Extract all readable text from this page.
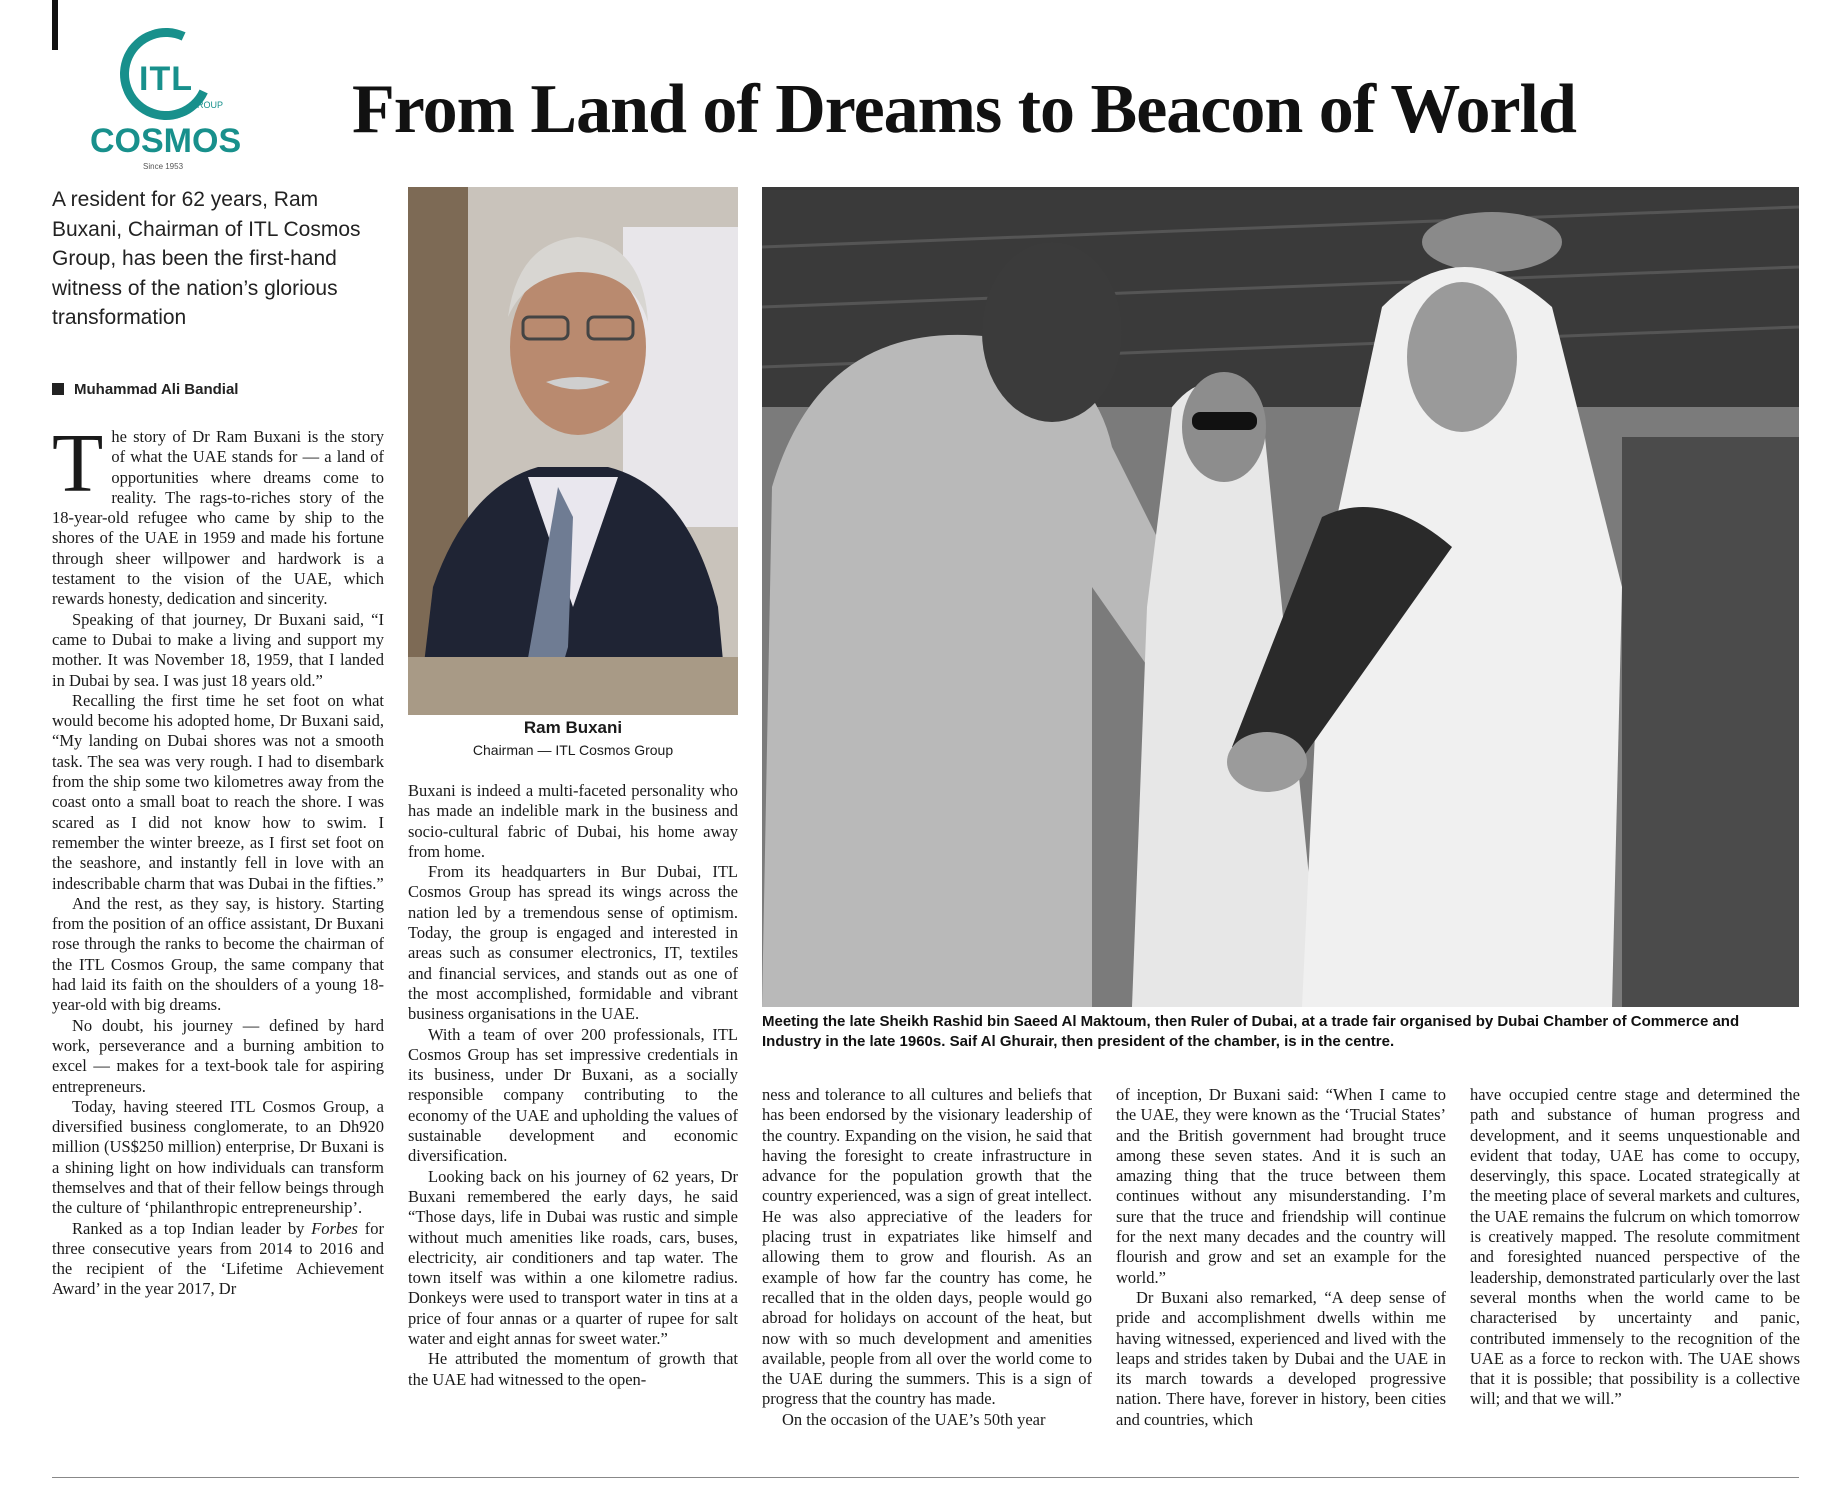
ITL
GROUP
COSMOS
Since 1953
From Land of Dreams to Beacon of World
A resident for 62 years, Ram Buxani, Chairman of ITL Cosmos Group, has been the first-hand witness of the nation’s glorious transformation
Muhammad Ali Bandial

The story of Dr Ram Buxani is the story of what the UAE stands for — a land of opportunities where dreams come to reality. The rags-to-riches story of the 18-year-old refugee who came by ship to the shores of the UAE in 1959 and made his fortune through sheer willpower and hardwork is a testament to the vision of the UAE, which rewards honesty, dedication and sincerity.

Speaking of that journey, Dr Buxani said, “I came to Dubai to make a living and support my mother. It was November 18, 1959, that I landed in Dubai by sea. I was just 18 years old.”

Recalling the first time he set foot on what would become his adopted home, Dr Buxani said, “My landing on Dubai shores was not a smooth task. The sea was very rough. I had to disembark from the ship some two kilometres away from the coast onto a small boat to reach the shore. I was scared as I did not know how to swim. I remember the winter breeze, as I first set foot on the seashore, and instantly fell in love with an indescribable charm that was Dubai in the fifties.”

And the rest, as they say, is history. Starting from the position of an office assistant, Dr Buxani rose through the ranks to become the chairman of the ITL Cosmos Group, the same company that had laid its faith on the shoulders of a young 18-year-old with big dreams.

No doubt, his journey — defined by hard work, perseverance and a burning ambition to excel — makes for a text-book tale for aspiring entrepreneurs.

Today, having steered ITL Cosmos Group, a diversified business conglomerate, to an Dh920 million (US$250 million) enterprise, Dr Buxani is a shining light on how individuals can transform themselves and that of their fellow beings through the culture of ‘philanthropic entrepreneurship’.

Ranked as a top Indian leader by Forbes for three consecutive years from 2014 to 2016 and the recipient of the ‘Lifetime Achievement Award’ in the year 2017, Dr

Ram Buxani
Chairman — ITL Cosmos Group

Buxani is indeed a multi-faceted personality who has made an indelible mark in the business and socio-cultural fabric of Dubai, his home away from home.

From its headquarters in Bur Dubai, ITL Cosmos Group has spread its wings across the nation led by a tremendous sense of optimism. Today, the group is engaged and interested in areas such as consumer electronics, IT, textiles and financial services, and stands out as one of the most accomplished, formidable and vibrant business organisations in the UAE.

With a team of over 200 professionals, ITL Cosmos Group has set impressive credentials in its business, under Dr Buxani, as a socially responsible company contributing to the economy of the UAE and upholding the values of sustainable development and economic diversification.

Looking back on his journey of 62 years, Dr Buxani remembered the early days, he said “Those days, life in Dubai was rustic and simple without much amenities like roads, cars, buses, electricity, air conditioners and tap water. The town itself was within a one kilometre radius. Donkeys were used to transport water in tins at a price of four annas or a quarter of rupee for salt water and eight annas for sweet water.”

He attributed the momentum of growth that the UAE had witnessed to the open-

Meeting the late Sheikh Rashid bin Saeed Al Maktoum, then Ruler of Dubai, at a trade fair organised by Dubai Chamber of Commerce and Industry in the late 1960s. Saif Al Ghurair, then president of the chamber, is in the centre.

ness and tolerance to all cultures and beliefs that has been endorsed by the visionary leadership of the country. Expanding on the vision, he said that having the foresight to create infrastructure in advance for the population growth that the country experienced, was a sign of great intellect. He was also appreciative of the leaders for placing trust in expatriates like himself and allowing them to grow and flourish. As an example of how far the country has come, he recalled that in the olden days, people would go abroad for holidays on account of the heat, but now with so much development and amenities available, people from all over the world come to the UAE during the summers. This is a sign of progress that the country has made.

On the occasion of the UAE’s 50th year

of inception, Dr Buxani said: “When I came to the UAE, they were known as the ‘Trucial States’ and the British government had brought truce among these seven states. And it is such an amazing thing that the truce between them continues without any misunderstanding. I’m sure that the truce and friendship will continue for the next many decades and the country will flourish and grow and set an example for the world.”

Dr Buxani also remarked, “A deep sense of pride and accomplishment dwells within me having witnessed, experienced and lived with the leaps and strides taken by Dubai and the UAE in its march towards a developed progressive nation. There have, forever in history, been cities and countries, which

have occupied centre stage and determined the path and substance of human progress and development, and it seems unquestionable and evident that today, UAE has come to occupy, deservingly, this space. Located strategically at the meeting place of several markets and cultures, the UAE remains the fulcrum on which tomorrow is creatively mapped. The resolute commitment and foresighted nuanced perspective of the leadership, demonstrated particularly over the last several months when the world came to be characterised by uncertainty and panic, contributed immensely to the recognition of the UAE as a force to reckon with. The UAE shows that it is possible; that possibility is a collective will; and that we will.”
